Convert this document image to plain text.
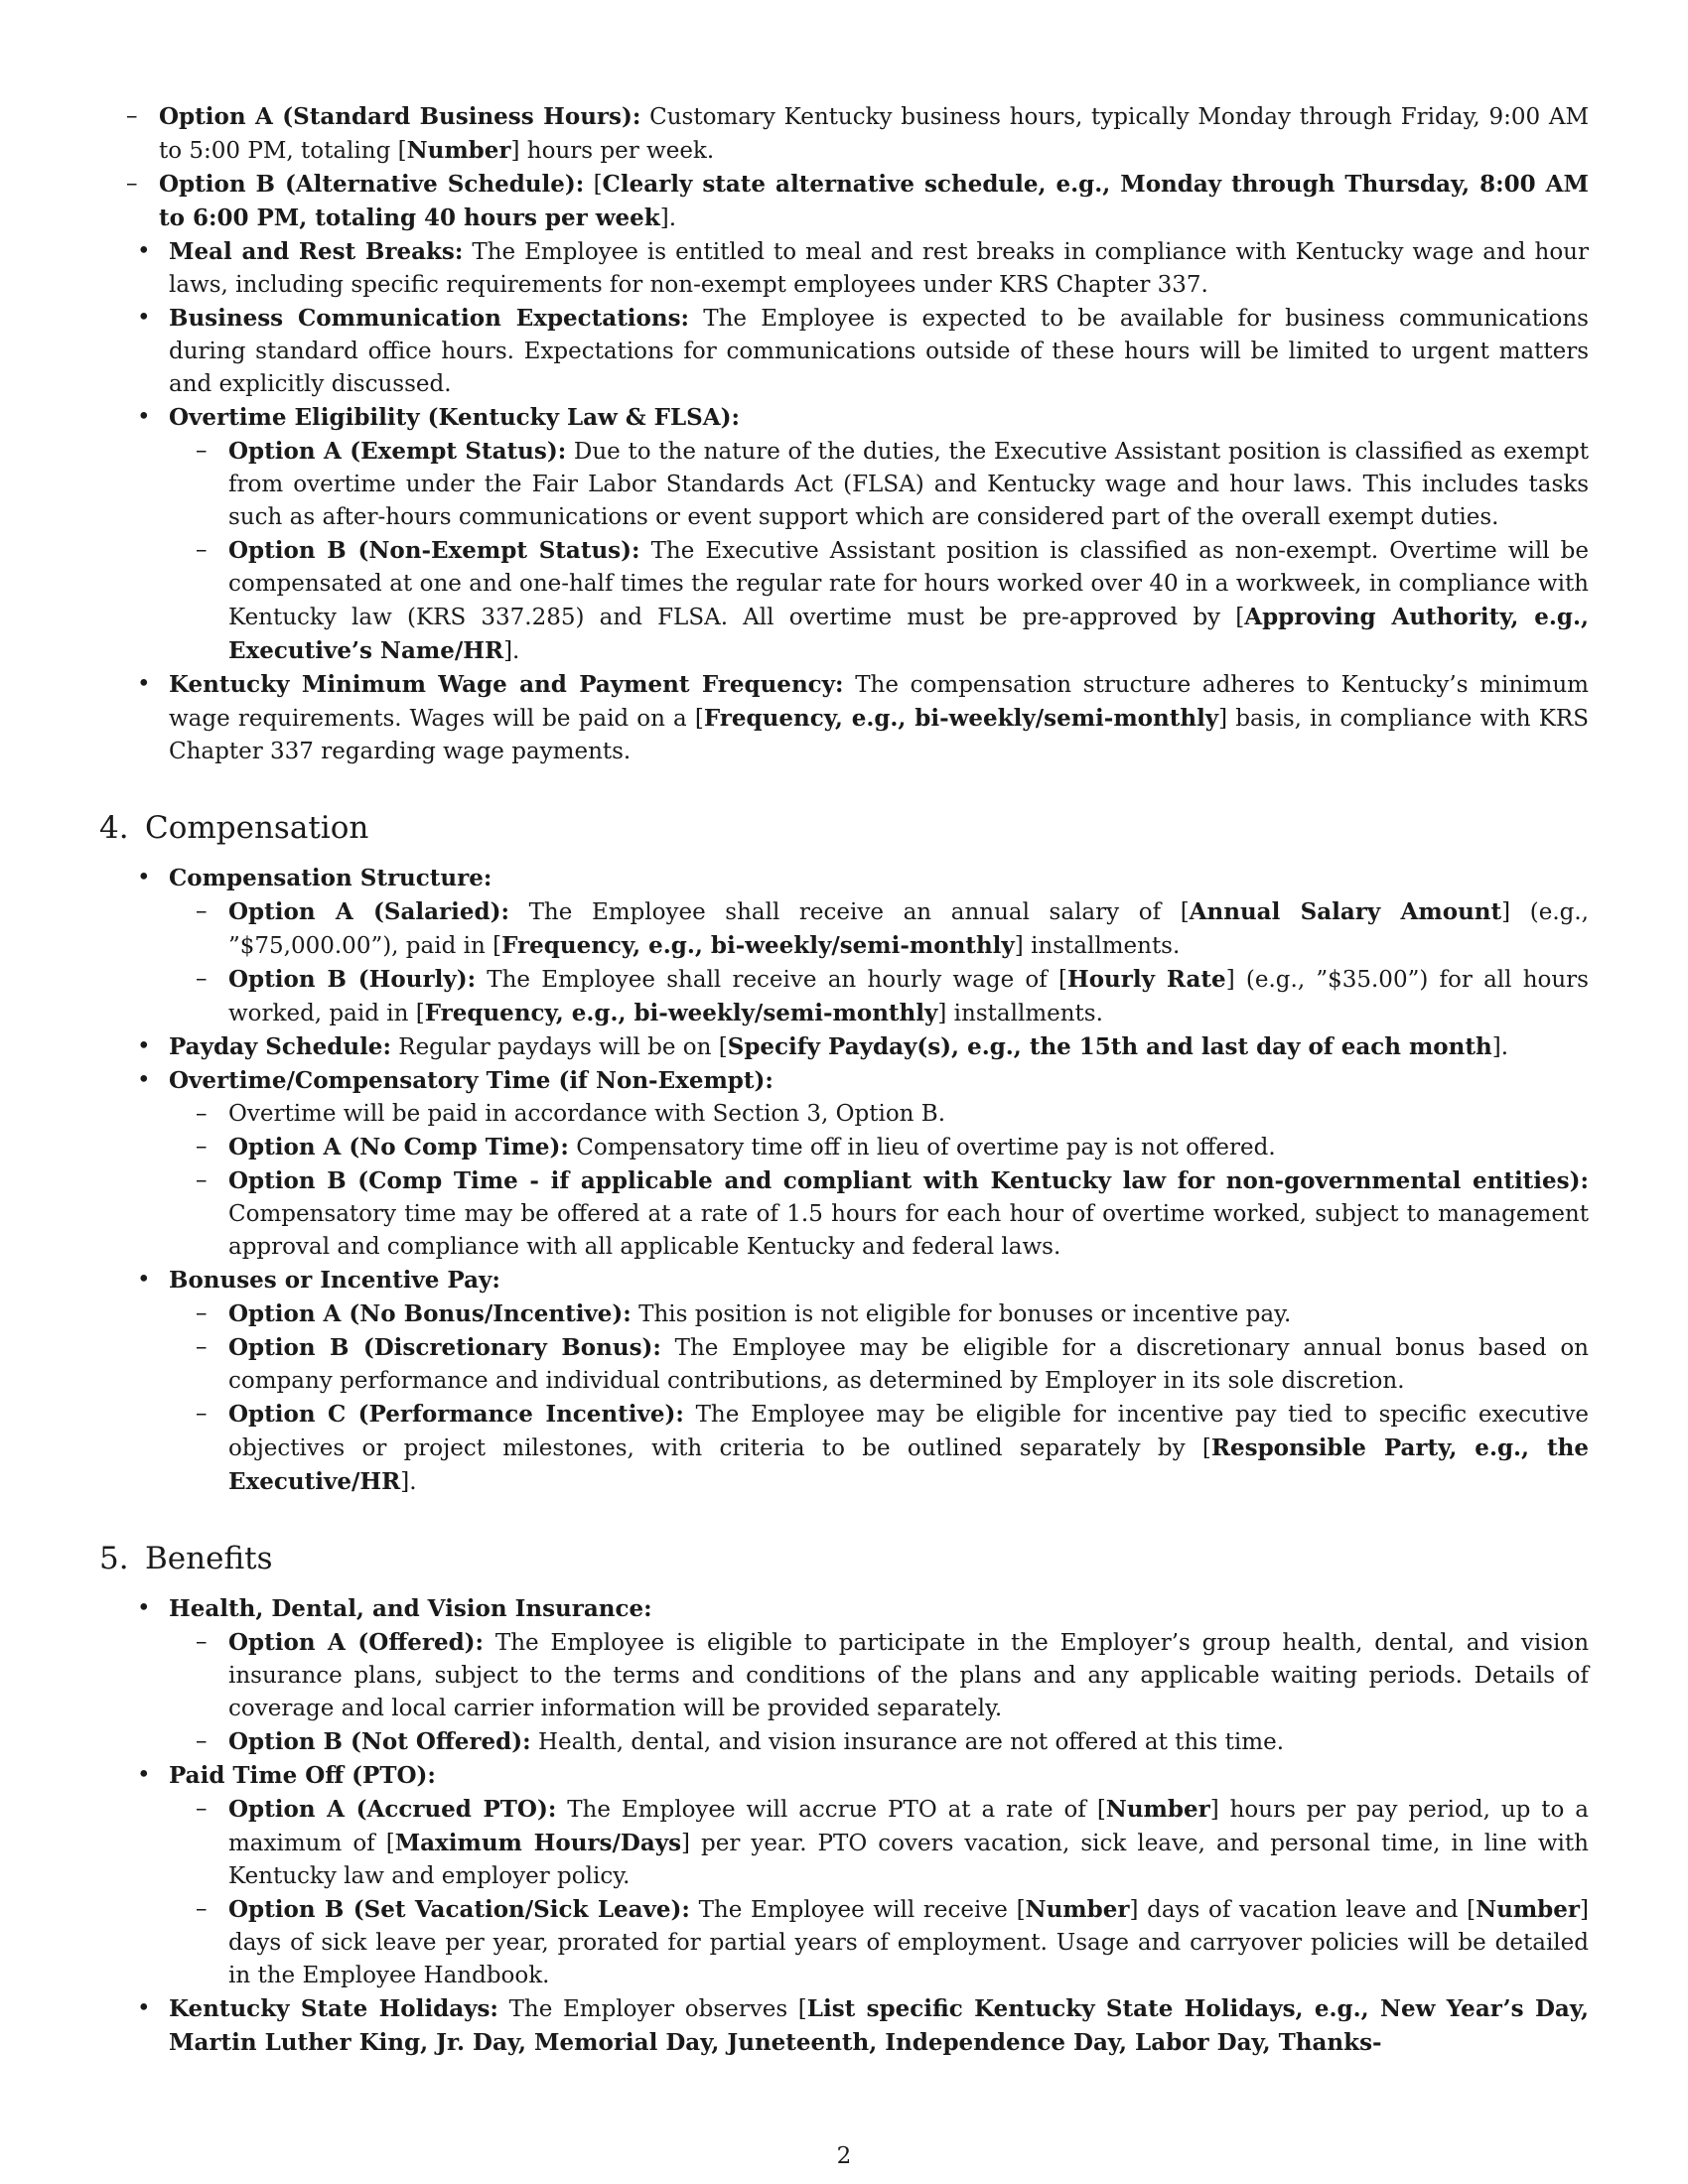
– Option A (Standard Business Hours): Customary Kentucky business hours, typically Monday through Friday, 9:00 AM to 5:00 PM, totaling [Number] hours per week.
– Option B (Alternative Schedule): [Clearly state alternative schedule, e.g., Monday through Thursday, 8:00 AM to 6:00 PM, totaling 40 hours per week].
• Meal and Rest Breaks: The Employee is entitled to meal and rest breaks in compliance with Kentucky wage and hour laws, including specific requirements for non-exempt employees under KRS Chapter 337.
• Business Communication Expectations: The Employee is expected to be available for business communications during standard office hours. Expectations for communications outside of these hours will be limited to urgent matters and explicitly discussed.
• Overtime Eligibility (Kentucky Law & FLSA):
– Option A (Exempt Status): Due to the nature of the duties, the Executive Assistant position is classified as exempt from overtime under the Fair Labor Standards Act (FLSA) and Kentucky wage and hour laws. This includes tasks such as after-hours communications or event support which are considered part of the overall exempt duties.
– Option B (Non-Exempt Status): The Executive Assistant position is classified as non-exempt. Overtime will be compensated at one and one-half times the regular rate for hours worked over 40 in a workweek, in compliance with Kentucky law (KRS 337.285) and FLSA. All overtime must be pre-approved by [Approving Authority, e.g., Executive’s Name/HR].
• Kentucky Minimum Wage and Payment Frequency: The compensation structure adheres to Kentucky’s minimum wage requirements. Wages will be paid on a [Frequency, e.g., bi-weekly/semi-monthly] basis, in compliance with KRS Chapter 337 regarding wage payments.
4. Compensation
• Compensation Structure:
– Option A (Salaried): The Employee shall receive an annual salary of [Annual Salary Amount] (e.g., ”$75,000.00”), paid in [Frequency, e.g., bi-weekly/semi-monthly] installments.
– Option B (Hourly): The Employee shall receive an hourly wage of [Hourly Rate] (e.g., ”$35.00”) for all hours worked, paid in [Frequency, e.g., bi-weekly/semi-monthly] installments.
• Payday Schedule: Regular paydays will be on [Specify Payday(s), e.g., the 15th and last day of each month].
• Overtime/Compensatory Time (if Non-Exempt):
– Overtime will be paid in accordance with Section 3, Option B.
– Option A (No Comp Time): Compensatory time off in lieu of overtime pay is not offered.
– Option B (Comp Time - if applicable and compliant with Kentucky law for non-governmental entities): Compensatory time may be offered at a rate of 1.5 hours for each hour of overtime worked, subject to management approval and compliance with all applicable Kentucky and federal laws.
• Bonuses or Incentive Pay:
– Option A (No Bonus/Incentive): This position is not eligible for bonuses or incentive pay.
– Option B (Discretionary Bonus): The Employee may be eligible for a discretionary annual bonus based on company performance and individual contributions, as determined by Employer in its sole discretion.
– Option C (Performance Incentive): The Employee may be eligible for incentive pay tied to specific executive objectives or project milestones, with criteria to be outlined separately by [Responsible Party, e.g., the Executive/HR].
5. Benefits
• Health, Dental, and Vision Insurance:
– Option A (Offered): The Employee is eligible to participate in the Employer’s group health, dental, and vision insurance plans, subject to the terms and conditions of the plans and any applicable waiting periods. Details of coverage and local carrier information will be provided separately.
– Option B (Not Offered): Health, dental, and vision insurance are not offered at this time.
• Paid Time Off (PTO):
– Option A (Accrued PTO): The Employee will accrue PTO at a rate of [Number] hours per pay period, up to a maximum of [Maximum Hours/Days] per year. PTO covers vacation, sick leave, and personal time, in line with Kentucky law and employer policy.
– Option B (Set Vacation/Sick Leave): The Employee will receive [Number] days of vacation leave and [Number] days of sick leave per year, prorated for partial years of employment. Usage and carryover policies will be detailed in the Employee Handbook.
• Kentucky State Holidays: The Employer observes [List specific Kentucky State Holidays, e.g., New Year’s Day, Martin Luther King, Jr. Day, Memorial Day, Juneteenth, Independence Day, Labor Day, Thanks-
2
